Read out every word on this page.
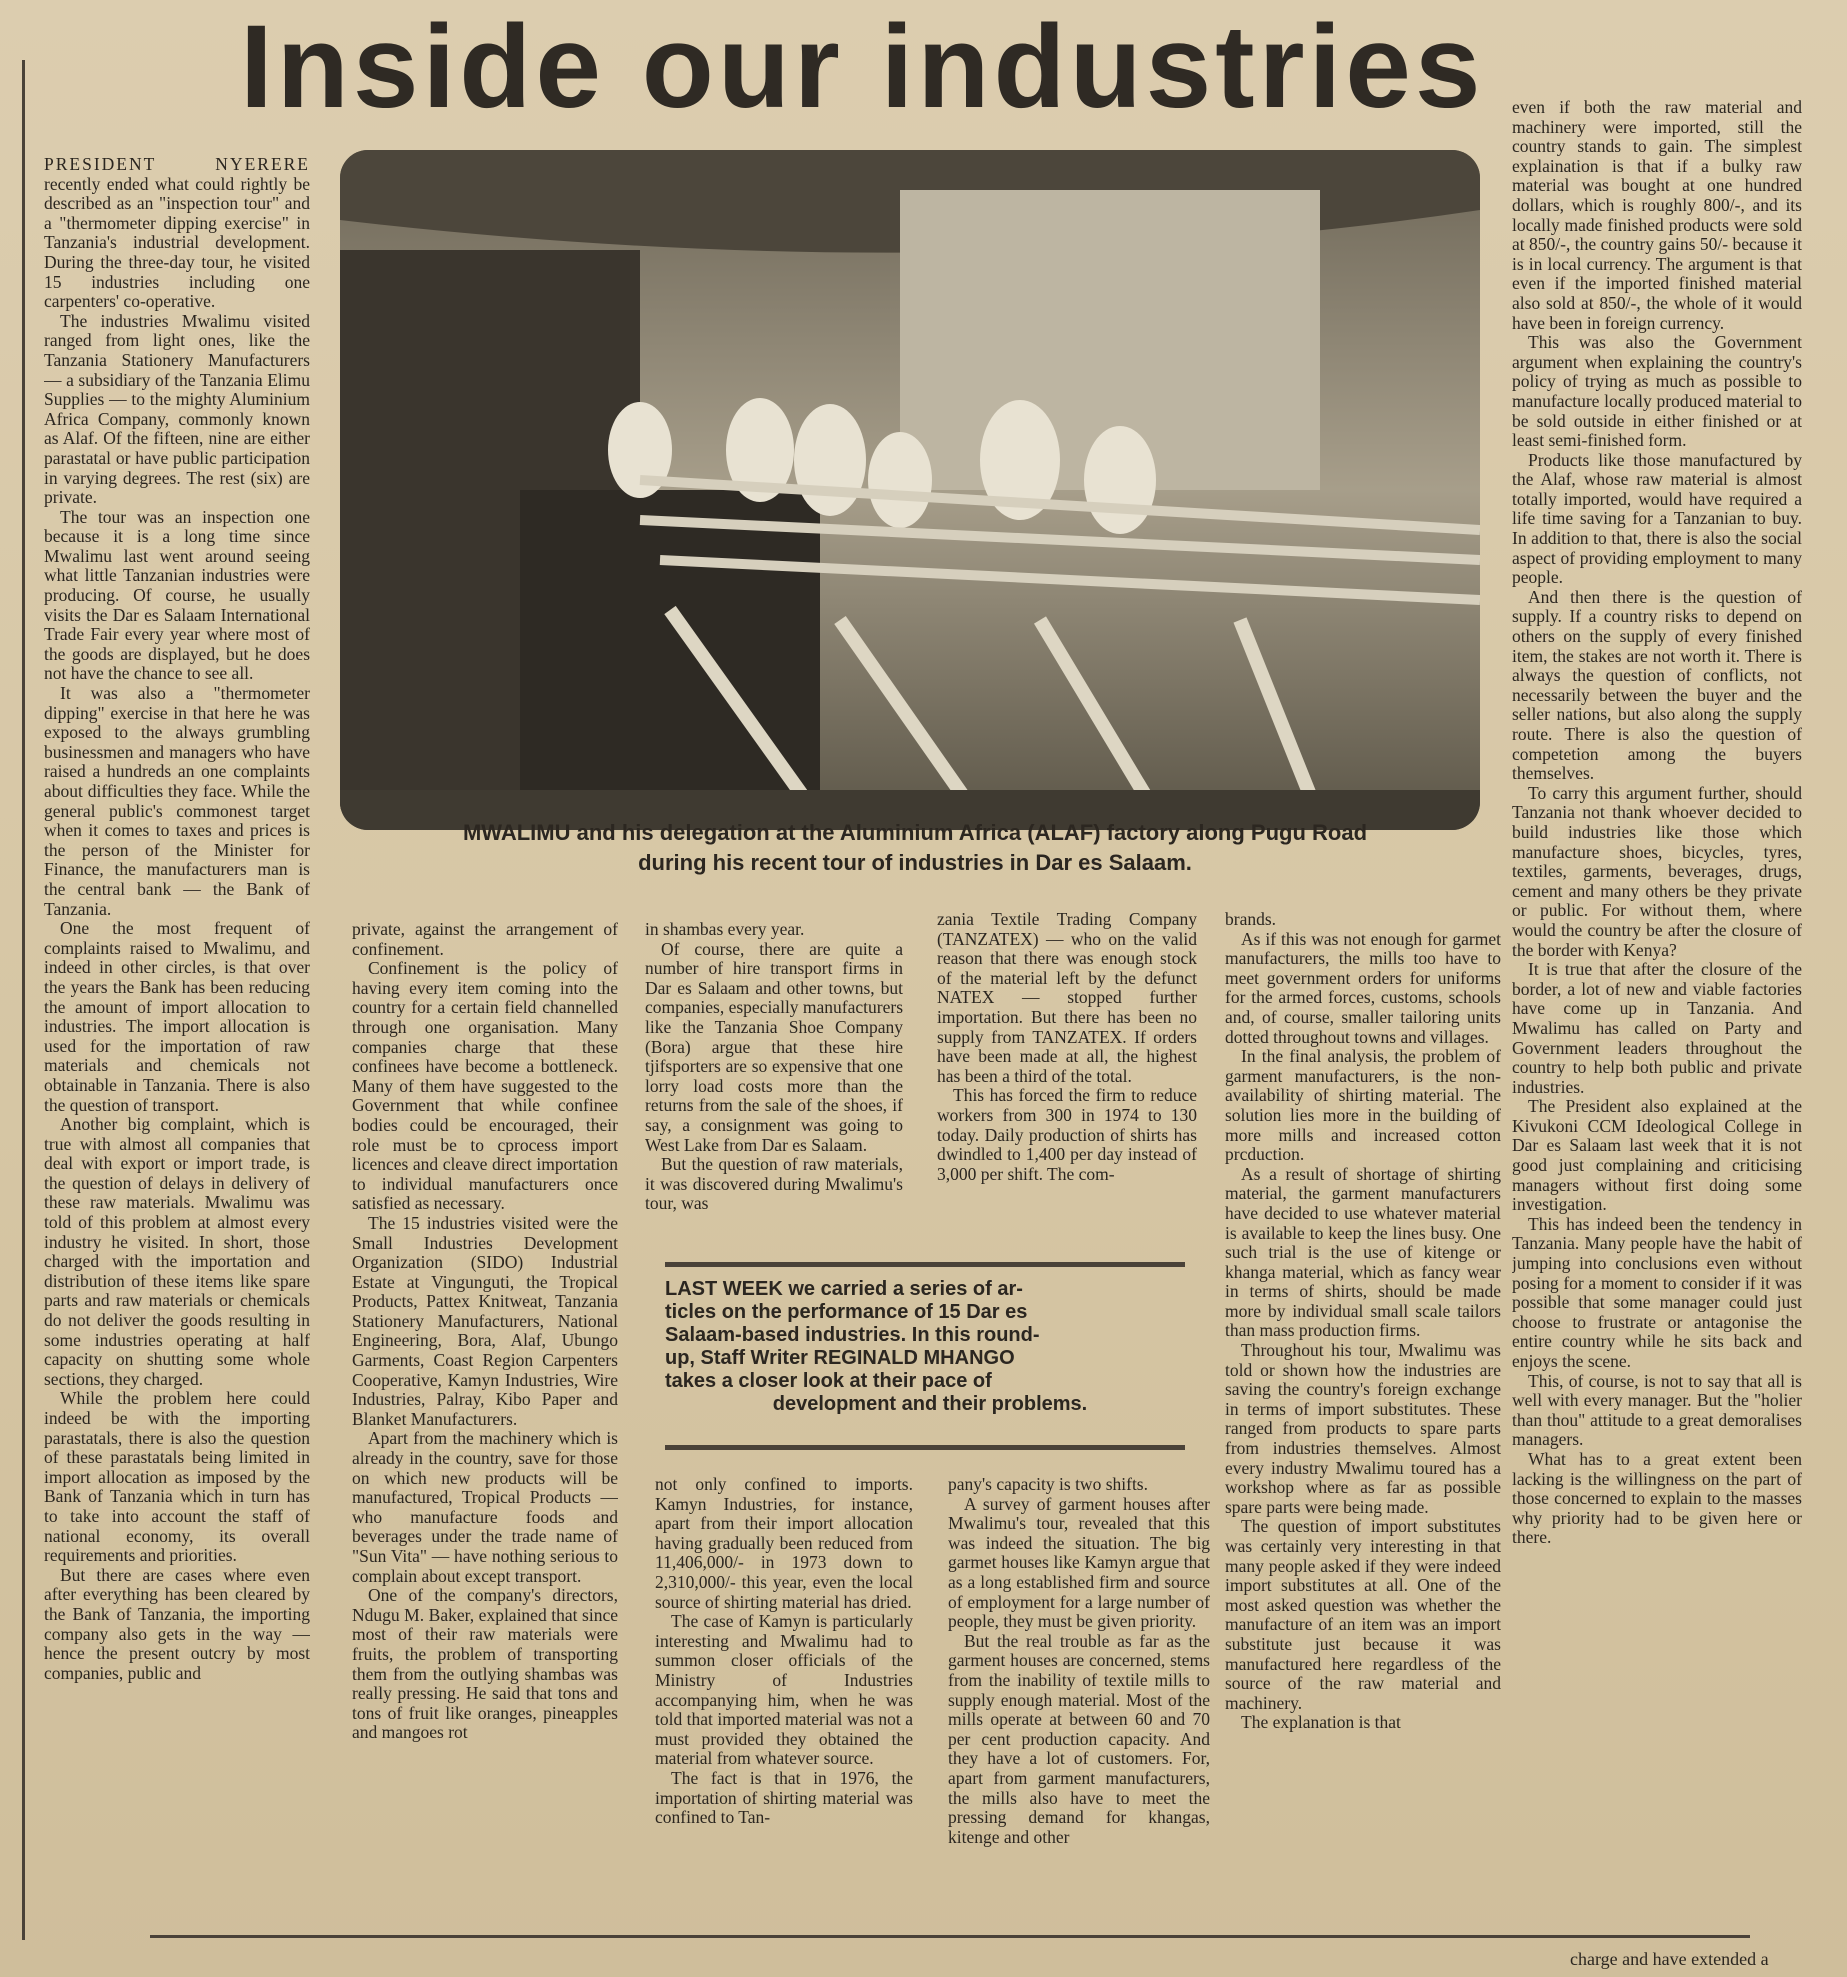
Inside our industries
MWALIMU and his delegation at the Aluminium Africa (ALAF) factory along Pugu Road
during his recent tour of industries in Dar es Salaam.

PRESIDENT NYERERE recently ended what could rightly be described as an "inspection tour" and a "thermometer dipping exercise" in Tanzania's industrial development. During the three-day tour, he visited 15 industries including one carpenters' co-operative.

The industries Mwalimu visited ranged from light ones, like the Tanzania Stationery Manufacturers — a subsidiary of the Tanzania Elimu Supplies — to the mighty Aluminium Africa Company, commonly known as Alaf. Of the fifteen, nine are either parastatal or have public participation in varying degrees. The rest (six) are private.

The tour was an inspection one because it is a long time since Mwalimu last went around seeing what little Tanzanian industries were producing. Of course, he usually visits the Dar es Salaam International Trade Fair every year where most of the goods are displayed, but he does not have the chance to see all.

It was also a "thermometer dipping" exercise in that here he was exposed to the always grumbling businessmen and managers who have raised a hundreds an one complaints about difficulties they face. While the general public's commonest target when it comes to taxes and prices is the person of the Minister for Finance, the manufacturers man is the central bank — the Bank of Tanzania.

One the most frequent of complaints raised to Mwalimu, and indeed in other circles, is that over the years the Bank has been reducing the amount of import allocation to industries. The import allocation is used for the importation of raw materials and chemicals not obtainable in Tanzania. There is also the question of transport.

Another big complaint, which is true with almost all companies that deal with export or import trade, is the question of delays in delivery of these raw materials. Mwalimu was told of this problem at almost every industry he visited. In short, those charged with the importation and distribution of these items like spare parts and raw materials or chemicals do not deliver the goods resulting in some industries operating at half capacity on shutting some whole sections, they charged.

While the problem here could indeed be with the importing parastatals, there is also the question of these parastatals being limited in import allocation as imposed by the Bank of Tanzania which in turn has to take into account the staff of national economy, its overall requirements and priorities.

But there are cases where even after everything has been cleared by the Bank of Tanzania, the importing company also gets in the way — hence the present outcry by most companies, public and

private, against the arrangement of confinement.

Confinement is the policy of having every item coming into the country for a certain field channelled through one organisation. Many companies charge that these confinees have become a bottleneck. Many of them have suggested to the Government that while confinee bodies could be encouraged, their role must be to cprocess import licences and cleave direct importation to individual manufacturers once satisfied as necessary.

The 15 industries visited were the Small Industries Development Organization (SIDO) Industrial Estate at Vingunguti, the Tropical Products, Pattex Knitweat, Tanzania Stationery Manufacturers, National Engineering, Bora, Alaf, Ubungo Garments, Coast Region Carpenters Cooperative, Kamyn Industries, Wire Industries, Palray, Kibo Paper and Blanket Manufacturers.

Apart from the machinery which is already in the country, save for those on which new products will be manufactured, Tropical Products — who manufacture foods and beverages under the trade name of "Sun Vita" — have nothing serious to complain about except transport.

One of the company's directors, Ndugu M. Baker, explained that since most of their raw materials were fruits, the problem of transporting them from the outlying shambas was really pressing. He said that tons and tons of fruit like oranges, pineapples and mangoes rot

in shambas every year.

Of course, there are quite a number of hire transport firms in Dar es Salaam and other towns, but companies, especially manufacturers like the Tanzania Shoe Company (Bora) argue that these hire tjifsporters are so expensive that one lorry load costs more than the returns from the sale of the shoes, if say, a consignment was going to West Lake from Dar es Salaam.

But the question of raw materials, it was discovered during Mwalimu's tour, was

zania Textile Trading Company (TANZATEX) — who on the valid reason that there was enough stock of the material left by the defunct NATEX — stopped further importation. But there has been no supply from TANZATEX. If orders have been made at all, the highest has been a third of the total.

This has forced the firm to reduce workers from 300 in 1974 to 130 today. Daily production of shirts has dwindled to 1,400 per day instead of 3,000 per shift. The com-

LAST WEEK we carried a series of ar-
ticles on the performance of 15 Dar es
Salaam-based industries. In this round-
up, Staff Writer REGINALD MHANGO
takes a closer look at their pace of
development and their problems.

not only confined to imports. Kamyn Industries, for instance, apart from their import allocation having gradually been reduced from 11,406,000/- in 1973 down to 2,310,000/- this year, even the local source of shirting material has dried.

The case of Kamyn is particularly interesting and Mwalimu had to summon closer officials of the Ministry of Industries accompanying him, when he was told that imported material was not a must provided they obtained the material from whatever source.

The fact is that in 1976, the importation of shirting material was confined to Tan-

pany's capacity is two shifts.

A survey of garment houses after Mwalimu's tour, revealed that this was indeed the situation. The big garmet houses like Kamyn argue that as a long established firm and source of employment for a large number of people, they must be given priority.

But the real trouble as far as the garment houses are concerned, stems from the inability of textile mills to supply enough material. Most of the mills operate at between 60 and 70 per cent production capacity. And they have a lot of customers. For, apart from garment manufacturers, the mills also have to meet the pressing demand for khangas, kitenge and other

brands.

As if this was not enough for garmet manufacturers, the mills too have to meet government orders for uniforms for the armed forces, customs, schools and, of course, smaller tailoring units dotted throughout towns and villages.

In the final analysis, the problem of garment manufacturers, is the non-availability of shirting material. The solution lies more in the building of more mills and increased cotton prcduction.

As a result of shortage of shirting material, the garment manufacturers have decided to use whatever material is available to keep the lines busy. One such trial is the use of kitenge or khanga material, which as fancy wear in terms of shirts, should be made more by individual small scale tailors than mass production firms.

Throughout his tour, Mwalimu was told or shown how the industries are saving the country's foreign exchange in terms of import substitutes. These ranged from products to spare parts from industries themselves. Almost every industry Mwalimu toured has a workshop where as far as possible spare parts were being made.

The question of import substitutes was certainly very interesting in that many people asked if they were indeed import substitutes at all. One of the most asked question was whether the manufacture of an item was an import substitute just because it was manufactured here regardless of the source of the raw material and machinery.

The explanation is that

even if both the raw material and machinery were imported, still the country stands to gain. The simplest explaination is that if a bulky raw material was bought at one hundred dollars, which is roughly 800/-, and its locally made finished products were sold at 850/-, the country gains 50/- because it is in local currency. The argument is that even if the imported finished material also sold at 850/-, the whole of it would have been in foreign currency.

This was also the Government argument when explaining the country's policy of trying as much as possible to manufacture locally produced material to be sold outside in either finished or at least semi-finished form.

Products like those manufactured by the Alaf, whose raw material is almost totally imported, would have required a life time saving for a Tanzanian to buy. In addition to that, there is also the social aspect of providing employment to many people.

And then there is the question of supply. If a country risks to depend on others on the supply of every finished item, the stakes are not worth it. There is always the question of conflicts, not necessarily between the buyer and the seller nations, but also along the supply route. There is also the question of competetion among the buyers themselves.

To carry this argument further, should Tanzania not thank whoever decided to build industries like those which manufacture shoes, bicycles, tyres, textiles, garments, beverages, drugs, cement and many others be they private or public. For without them, where would the country be after the closure of the border with Kenya?

It is true that after the closure of the border, a lot of new and viable factories have come up in Tanzania. And Mwalimu has called on Party and Government leaders throughout the country to help both public and private industries.

The President also explained at the Kivukoni CCM Ideological College in Dar es Salaam last week that it is not good just complaining and criticising managers without first doing some investigation.

This has indeed been the tendency in Tanzania. Many people have the habit of jumping into conclusions even without posing for a moment to consider if it was possible that some manager could just choose to frustrate or antagonise the entire country while he sits back and enjoys the scene.

This, of course, is not to say that all is well with every manager. But the "holier than thou" attitude to a great demoralises managers.

What has to a great extent been lacking is the willingness on the part of those concerned to explain to the masses why priority had to be given here or there.

charge and have extended a
